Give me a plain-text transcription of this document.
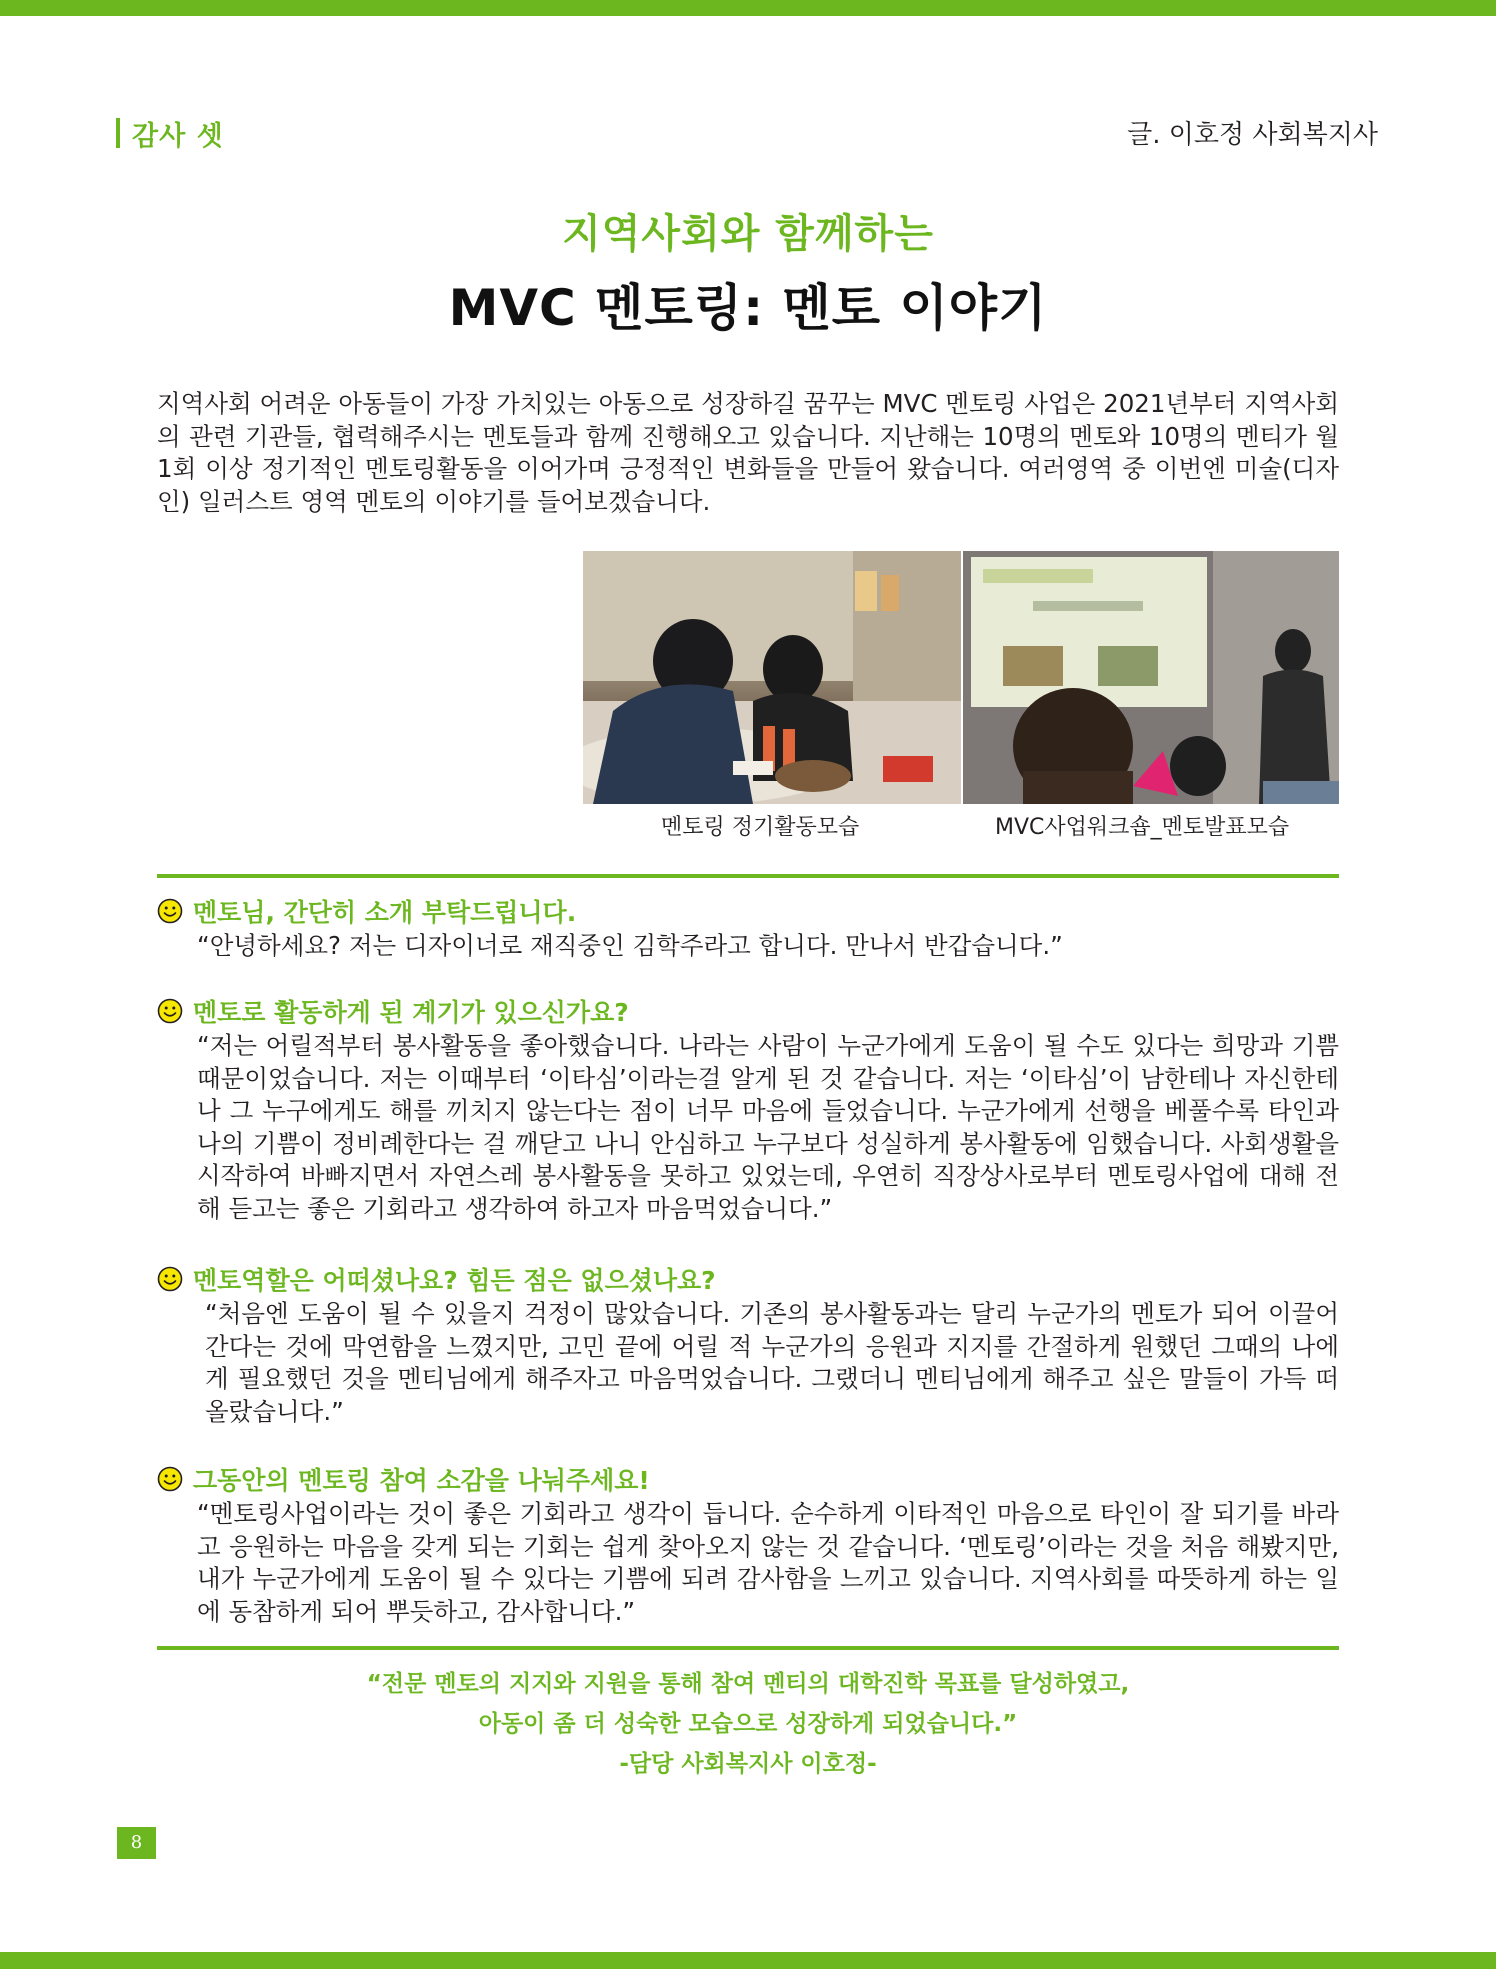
감사 셋	글. 이호정 사회복지사
지역사회와 함께하는
MVC 멘토링: 멘토 이야기

지역사회 어려운 아동들이 가장 가치있는 아동으로 성장하길 꿈꾸는 MVC 멘토링 사업은 2021년부터 지역사회의 관련 기관들, 협력해주시는 멘토들과 함께 진행해오고 있습니다. 지난해는 10명의 멘토와 10명의 멘티가 월 1회 이상 정기적인 멘토링활동을 이어가며 긍정적인 변화들을 만들어 왔습니다. 여러영역 중 이번엔 미술(디자인) 일러스트 영역 멘토의 이야기를 들어보겠습니다.

멘토링 정기활동모습	MVC사업워크숍_멘토발표모습
멘토님, 간단히 소개 부탁드립니다.
“안녕하세요? 저는 디자이너로 재직중인 김학주라고 합니다. 만나서 반갑습니다.”
멘토로 활동하게 된 계기가 있으신가요?
“저는 어릴적부터 봉사활동을 좋아했습니다. 나라는 사람이 누군가에게 도움이 될 수도 있다는 희망과 기쁨 때문이었습니다. 저는 이때부터 ‘이타심’이라는걸 알게 된 것 같습니다. 저는 ‘이타심’이 남한테나 자신한테나 그 누구에게도 해를 끼치지 않는다는 점이 너무 마음에 들었습니다. 누군가에게 선행을 베풀수록 타인과 나의 기쁨이 정비례한다는 걸 깨닫고 나니 안심하고 누구보다 성실하게 봉사활동에 임했습니다. 사회생활을 시작하여 바빠지면서 자연스레 봉사활동을 못하고 있었는데, 우연히 직장상사로부터 멘토링사업에 대해 전해 듣고는 좋은 기회라고 생각하여 하고자 마음먹었습니다.”
멘토역할은 어떠셨나요? 힘든 점은 없으셨나요?
“처음엔 도움이 될 수 있을지 걱정이 많았습니다. 기존의 봉사활동과는 달리 누군가의 멘토가 되어 이끌어 간다는 것에 막연함을 느꼈지만, 고민 끝에 어릴 적 누군가의 응원과 지지를 간절하게 원했던 그때의 나에게 필요했던 것을 멘티님에게 해주자고 마음먹었습니다. 그랬더니 멘티님에게 해주고 싶은 말들이 가득 떠올랐습니다.”
그동안의 멘토링 참여 소감을 나눠주세요!
“멘토링사업이라는 것이 좋은 기회라고 생각이 듭니다. 순수하게 이타적인 마음으로 타인이 잘 되기를 바라고 응원하는 마음을 갖게 되는 기회는 쉽게 찾아오지 않는 것 같습니다. ‘멘토링’이라는 것을 처음 해봤지만, 내가 누군가에게 도움이 될 수 있다는 기쁨에 되려 감사함을 느끼고 있습니다. 지역사회를 따뜻하게 하는 일에 동참하게 되어 뿌듯하고, 감사합니다.”
“전문 멘토의 지지와 지원을 통해 참여 멘티의 대학진학 목표를 달성하였고,
아동이 좀 더 성숙한 모습으로 성장하게 되었습니다.”
-담당 사회복지사 이호정-
8
